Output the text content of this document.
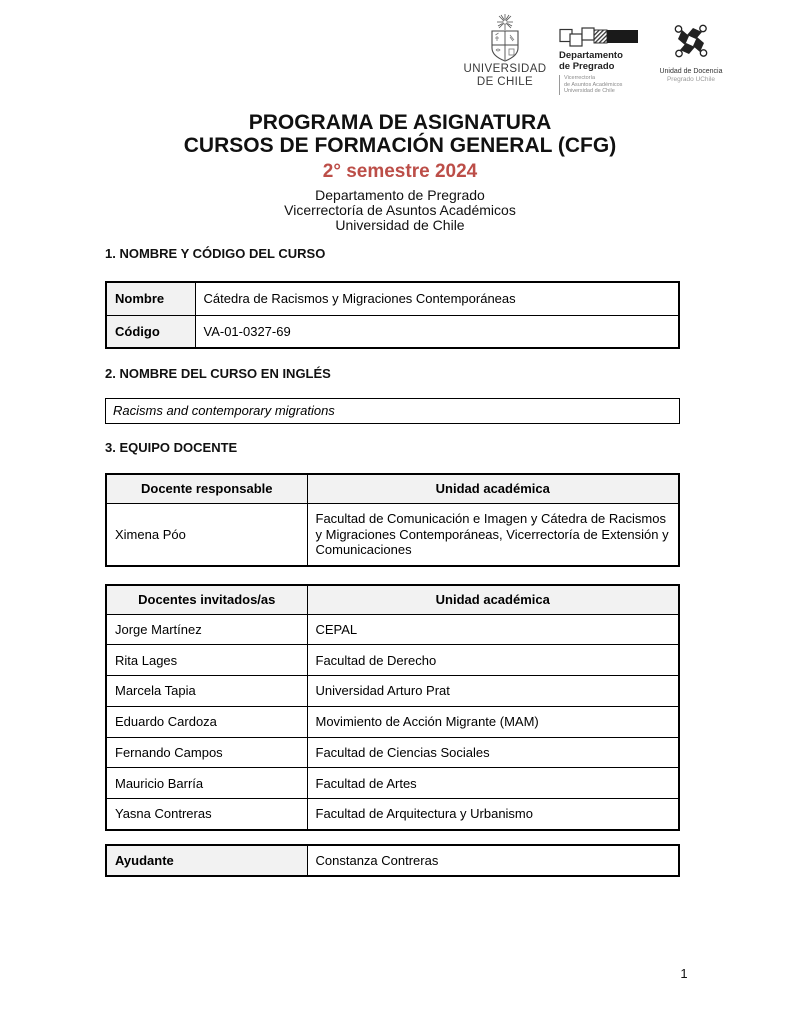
UNIVERSIDAD
DE CHILE
Departamento
de Pregrado
Vicerrectoría
de Asuntos Académicos
Universidad de Chile
Unidad de Docencia
Pregrado UChile
PROGRAMA DE ASIGNATURA
CURSOS DE FORMACIÓN GENERAL (CFG)
2° semestre 2024
Departamento de Pregrado
Vicerrectoría de Asuntos Académicos
Universidad de Chile
1. NOMBRE Y CÓDIGO DEL CURSO
Nombre	Cátedra de Racismos y Migraciones Contemporáneas
Código	VA-01-0327-69
2. NOMBRE DEL CURSO EN INGLÉS
Racisms and contemporary migrations
3. EQUIPO DOCENTE
Docente responsable	Unidad académica
Ximena Póo	Facultad de Comunicación e Imagen y Cátedra de Racismos y Migraciones Contemporáneas, Vicerrectoría de Extensión y Comunicaciones
Docentes invitados/as	Unidad académica
Jorge Martínez	CEPAL
Rita Lages	Facultad de Derecho
Marcela Tapia	Universidad Arturo Prat
Eduardo Cardoza	Movimiento de Acción Migrante (MAM)
Fernando Campos	Facultad de Ciencias Sociales
Mauricio Barría	Facultad de Artes
Yasna Contreras	Facultad de Arquitectura y Urbanismo
Ayudante	Constanza Contreras
1
